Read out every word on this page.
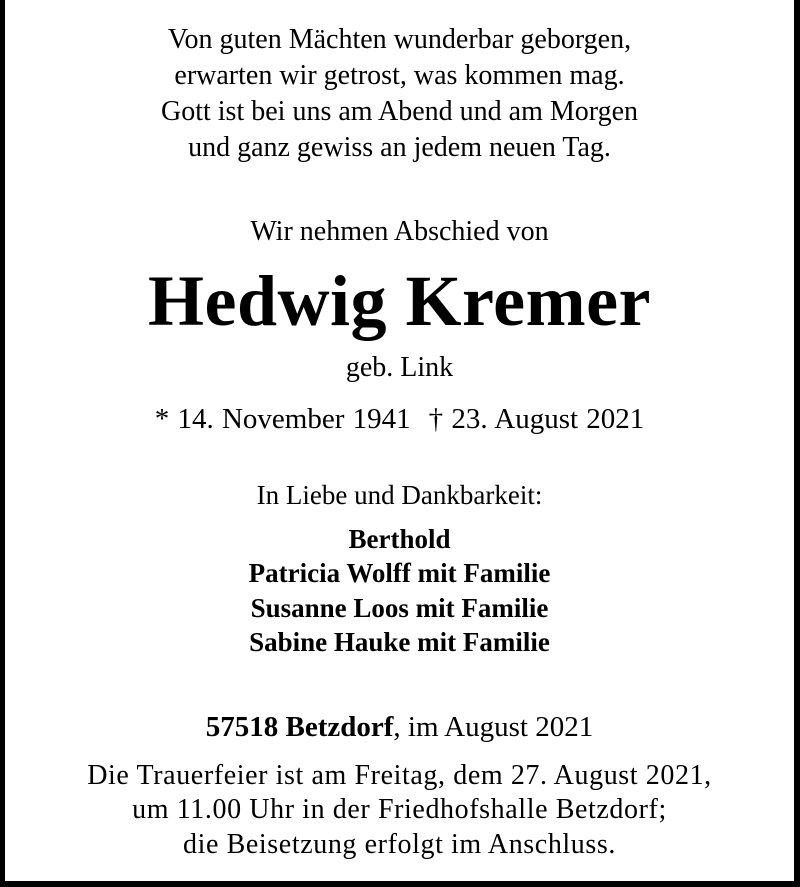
Von guten Mächten wunderbar geborgen,

erwarten wir getrost, was kommen mag.

Gott ist bei uns am Abend und am Morgen

und ganz gewiss an jedem neuen Tag.

Wir nehmen Abschied von

Hedwig Kremer

geb. Link

* 14. November 1941 † 23. August 2021

In Liebe und Dankbarkeit:

Berthold

Patricia Wolff mit Familie

Susanne Loos mit Familie

Sabine Hauke mit Familie

57518 Betzdorf, im August 2021

Die Trauerfeier ist am Freitag, dem 27. August 2021,

um 11.00 Uhr in der Friedhofshalle Betzdorf;

die Beisetzung erfolgt im Anschluss.
